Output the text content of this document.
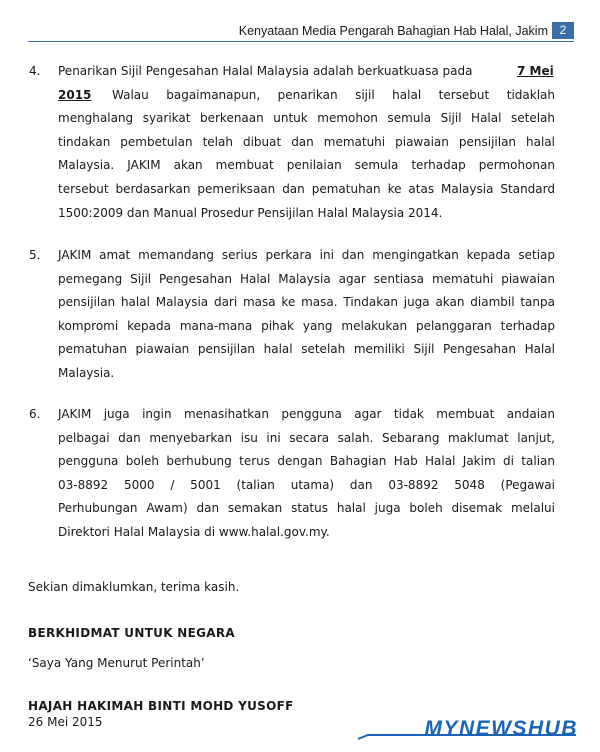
Kenyataan Media Pengarah Bahagian Hab Halal, Jakim 2
4. Penarikan Sijil Pengesahan Halal Malaysia adalah berkuatkuasa pada	7 Mei
2015 Walau bagaimanapun, penarikan sijil halal tersebut tidaklah
menghalang syarikat berkenaan untuk memohon semula Sijil Halal setelah
tindakan pembetulan telah dibuat dan mematuhi piawaian pensijilan halal
Malaysia. JAKIM akan membuat penilaian semula terhadap permohonan
tersebut berdasarkan pemeriksaan dan pematuhan ke atas Malaysia Standard
1500:2009 dan Manual Prosedur Pensijilan Halal Malaysia 2014.
5. JAKIM amat memandang serius perkara ini dan mengingatkan kepada setiap
pemegang Sijil Pengesahan Halal Malaysia agar sentiasa mematuhi piawaian
pensijilan halal Malaysia dari masa ke masa. Tindakan juga akan diambil tanpa
kompromi kepada mana-mana pihak yang melakukan pelanggaran terhadap
pematuhan piawaian pensijilan halal setelah memiliki Sijil Pengesahan Halal
Malaysia.
6. JAKIM juga ingin menasihatkan pengguna agar tidak membuat andaian
pelbagai dan menyebarkan isu ini secara salah. Sebarang maklumat lanjut,
pengguna boleh berhubung terus dengan Bahagian Hab Halal Jakim di talian
03-8892 5000 / 5001 (talian utama) dan 03-8892 5048 (Pegawai
Perhubungan Awam) dan semakan status halal juga boleh disemak melalui
Direktori Halal Malaysia di www.halal.gov.my.
Sekian dimaklumkan, terima kasih.
BERKHIDMAT UNTUK NEGARA
‘Saya Yang Menurut Perintah’
HAJAH HAKIMAH BINTI MOHD YUSOFF
26 Mei 2015	MYNEWSHUB
